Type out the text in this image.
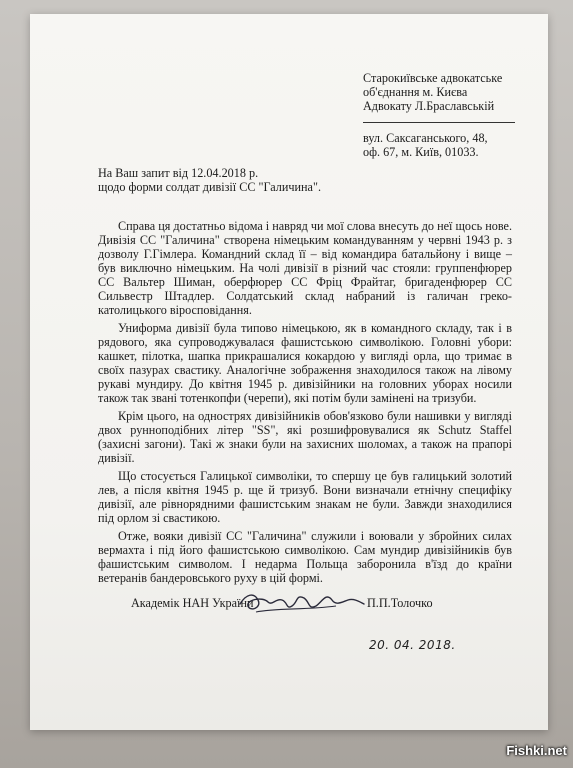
Старокиївське адвокатське
об'єднання м. Києва
Адвокату Л.Браславській
вул. Саксаганського, 48,
оф. 67, м. Київ, 01033.
На Ваш запит від 12.04.2018 р.
щодо форми солдат дивізії СС "Галичина".

Справа ця достатньо відома і навряд чи мої слова внесуть до неї щось нове. Дивізія СС "Галичина" створена німецьким командуванням у червні 1943 р. з дозволу Г.Гімлера. Командний склад її – від командира батальйону і вище – був виключно німецьким. На чолі дивізії в різний час стояли: группенфюрер СС Вальтер Шиман, оберфюрер СС Фріц Фрайтаг, бригаденфюрер СС Сильвестр Штадлер. Солдатський склад набраний із галичан греко-католицького віросповідання.

Униформа дивізії була типово німецькою, як в командного складу, так і в рядового, яка супроводжувалася фашистською символікою. Головні убори: кашкет, пілотка, шапка прикрашалися кокардою у вигляді орла, що тримає в своїх пазурах свастику. Аналогічне зображення знаходилося також на лівому рукаві мундиру. До квітня 1945 р. дивізійники на головних уборах носили також так звані тотенкопфи (черепи), які потім були замінені на тризуби.

Крім цього, на однострях дивізійників обов'язково були нашивки у вигляді двох рунноподібних літер "SS", які розшифровувалися як Schutz Staffel (захисні загони). Такі ж знаки були на захисних шоломах, а також на прапорі дивізії.

Що стосується Галицької символіки, то спершу це був галицький золотий лев, а після квітня 1945 р. ще й тризуб. Вони визначали етнічну специфіку дивізії, але рівнорядними фашистським знакам не були. Завжди знаходилися під орлом зі свастикою.

Отже, вояки дивізії СС "Галичина" служили і воювали у збройних силах вермахта і під його фашистською символікою. Сам мундир дивізійників був фашистським символом. І недарма Польща заборонила в'їзд до країни ветеранів бандеровського руху в цій формі.

Академік НАН України	П.П.Толочко
20. 04. 2018.
Fishki.net
